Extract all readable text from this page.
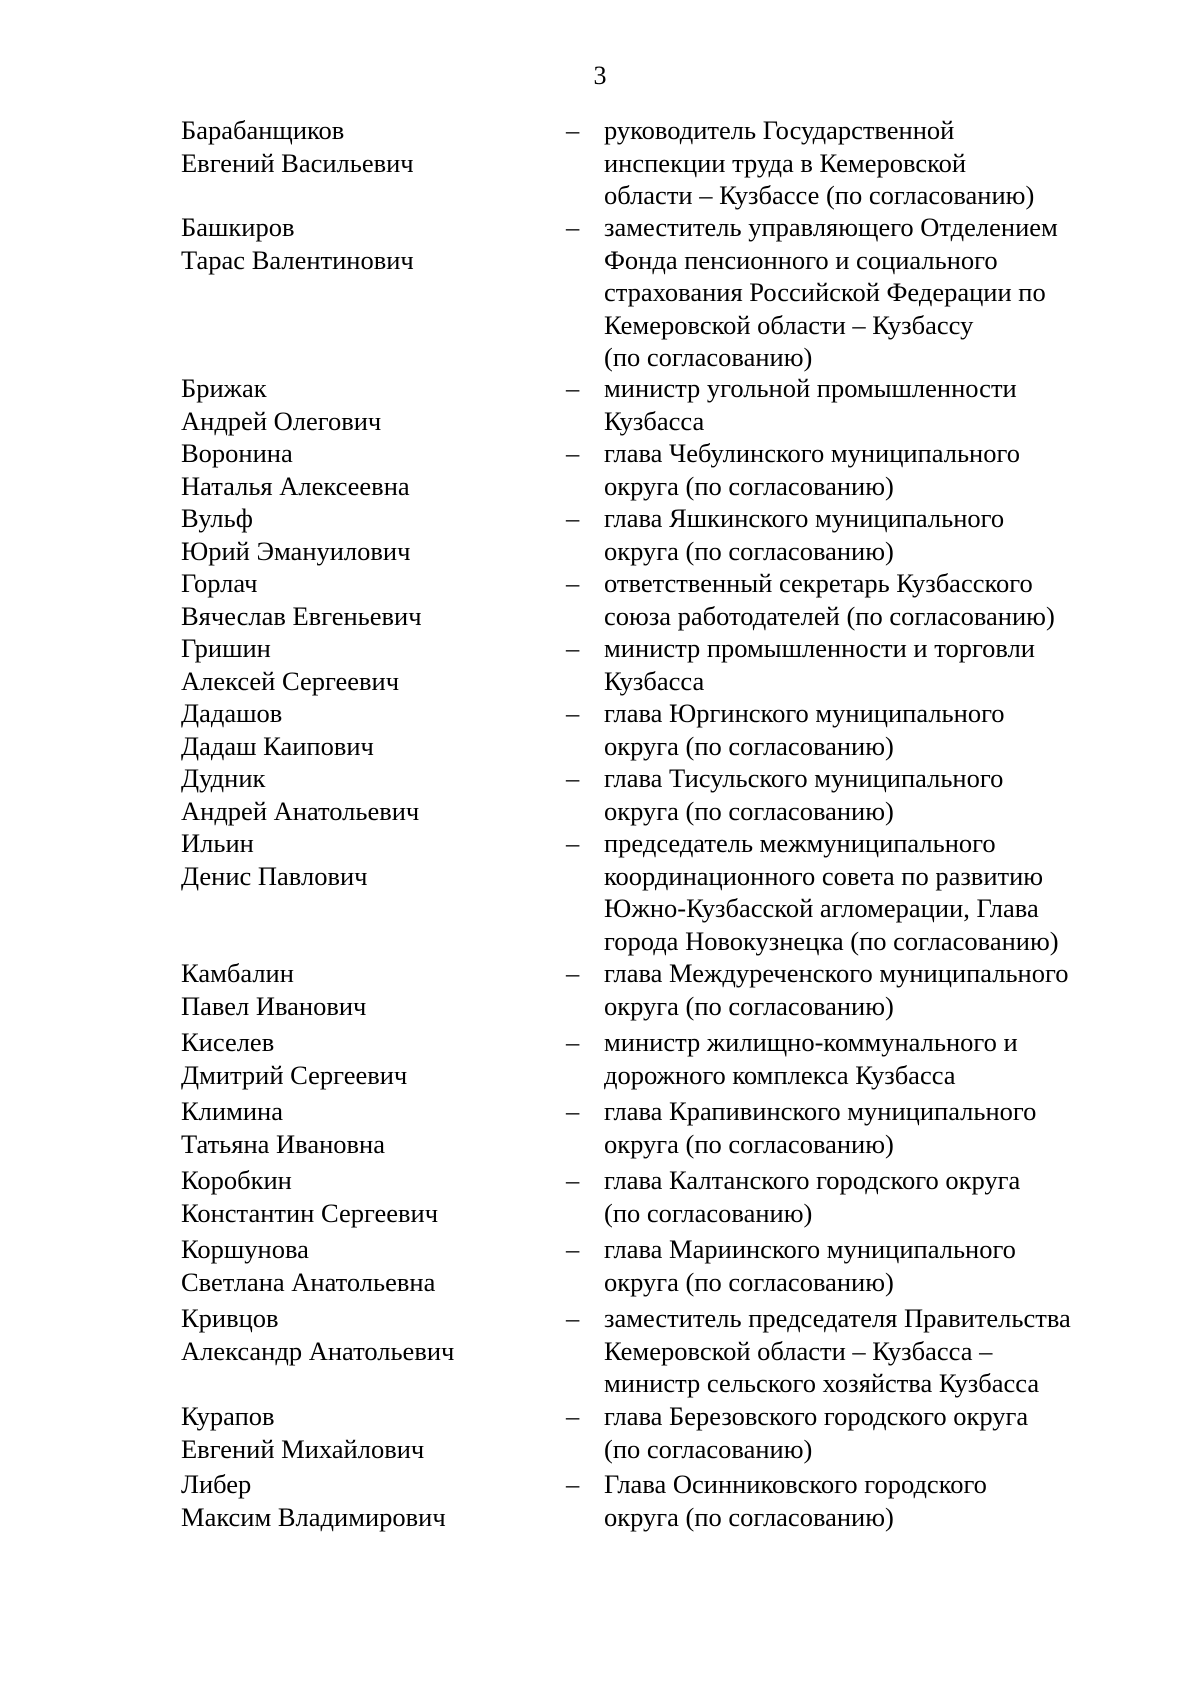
3
Барабанщиков
Евгений Васильевич
– руководитель Государственной
инспекции труда в Кемеровской
области – Кузбассе (по согласованию)
Башкиров
Тарас Валентинович
– заместитель управляющего Отделением
Фонда пенсионного и социального
страхования Российской Федерации по
Кемеровской области – Кузбассу
(по согласованию)
Брижак
Андрей Олегович
– министр угольной промышленности
Кузбасса
Воронина
Наталья Алексеевна
– глава Чебулинского муниципального
округа (по согласованию)
Вульф
Юрий Эмануилович
– глава Яшкинского муниципального
округа (по согласованию)
Горлач
Вячеслав Евгеньевич
– ответственный секретарь Кузбасского
союза работодателей (по согласованию)
Гришин
Алексей Сергеевич
– министр промышленности и торговли
Кузбасса
Дадашов
Дадаш Каипович
– глава Юргинского муниципального
округа (по согласованию)
Дудник
Андрей Анатольевич
– глава Тисульского муниципального
округа (по согласованию)
Ильин
Денис Павлович
– председатель межмуниципального
координационного совета по развитию
Южно-Кузбасской агломерации, Глава
города Новокузнецка (по согласованию)
Камбалин
Павел Иванович
– глава Междуреченского муниципального
округа (по согласованию)
Киселев
Дмитрий Сергеевич
– министр жилищно-коммунального и
дорожного комплекса Кузбасса
Климина
Татьяна Ивановна
– глава Крапивинского муниципального
округа (по согласованию)
Коробкин
Константин Сергеевич
– глава Калтанского городского округа
(по согласованию)
Коршунова
Светлана Анатольевна
– глава Мариинского муниципального
округа (по согласованию)
Кривцов
Александр Анатольевич
– заместитель председателя Правительства
Кемеровской области – Кузбасса –
министр сельского хозяйства Кузбасса
Курапов
Евгений Михайлович
– глава Березовского городского округа
(по согласованию)
Либер
Максим Владимирович
– Глава Осинниковского городского
округа (по согласованию)
